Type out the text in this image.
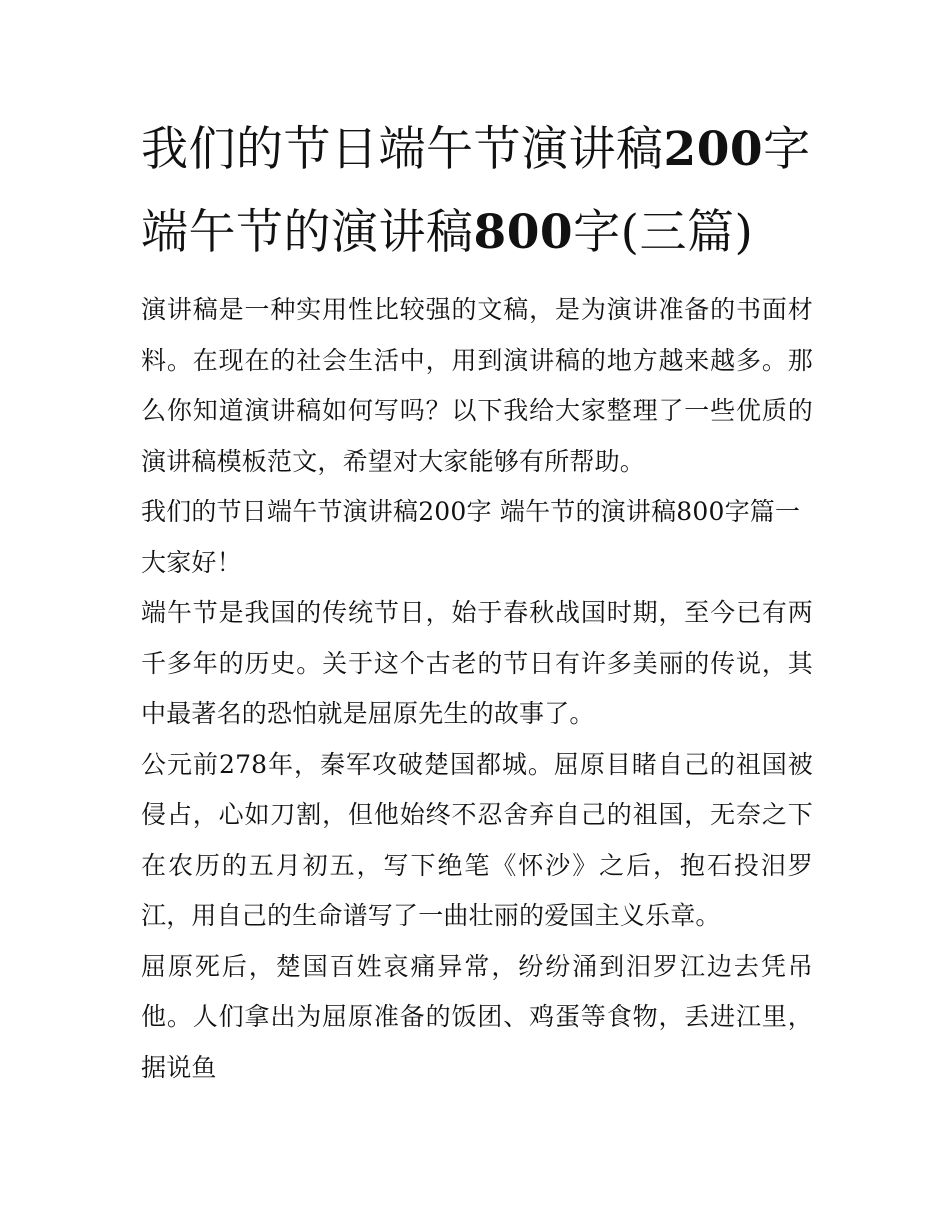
我们的节日端午节演讲稿200字 端午节的演讲稿800字(三篇)

演讲稿是一种实用性比较强的文稿，是为演讲准备的书面材料。在现在的社会生活中，用到演讲稿的地方越来越多。那么你知道演讲稿如何写吗？以下我给大家整理了一些优质的演讲稿模板范文，希望对大家能够有所帮助。

我们的节日端午节演讲稿200字 端午节的演讲稿800字篇一

大家好！

端午节是我国的传统节日，始于春秋战国时期，至今已有两千多年的历史。关于这个古老的节日有许多美丽的传说，其中最著名的恐怕就是屈原先生的故事了。

公元前278年，秦军攻破楚国都城。屈原目睹自己的祖国被侵占，心如刀割，但他始终不忍舍弃自己的祖国，无奈之下在农历的五月初五，写下绝笔《怀沙》之后，抱石投汨罗江，用自己的生命谱写了一曲壮丽的爱国主义乐章。

屈原死后，楚国百姓哀痛异常，纷纷涌到汨罗江边去凭吊他。人们拿出为屈原准备的饭团、鸡蛋等食物，丢进江里，据说鱼
